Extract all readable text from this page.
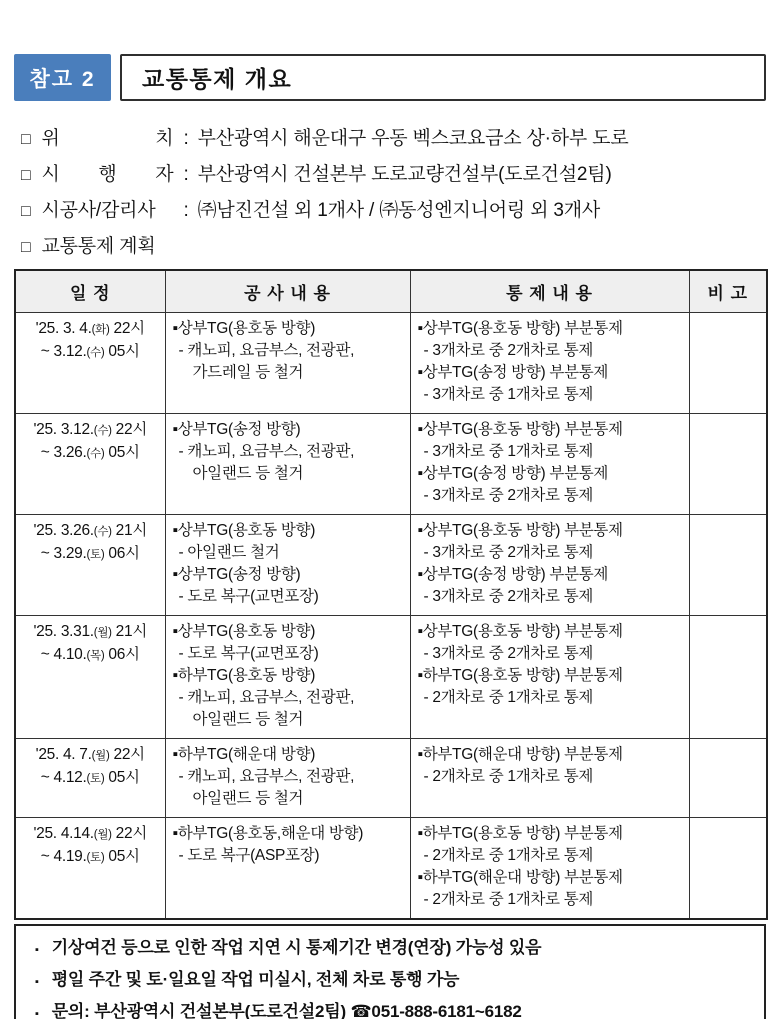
참고 2	교통통제 개요
□ 위 치 : 부산광역시 해운대구 우동 벡스코요금소 상·하부 도로
□ 시 행 자 : 부산광역시 건설본부 도로교량건설부(도로건설2팀)
□ 시공사/감리사	: ㈜남진건설 외 1개사 / ㈜동성엔지니어링 외 3개사
□ 교통통제 계획
일 정	공 사 내 용	통 제 내 용	비 고

'25. 3. 4.(화) 22시
~ 3.12.(수) 05시

▪상부TG(용호동 방향)
- 캐노피, 요금부스, 전광판,
가드레일 등 철거

▪상부TG(용호동 방향) 부분통제
- 3개차로 중 2개차로 통제
▪상부TG(송정 방향) 부분통제
- 3개차로 중 1개차로 통제

'25. 3.12.(수) 22시
~ 3.26.(수) 05시

▪상부TG(송정 방향)
- 캐노피, 요금부스, 전광판,
아일랜드 등 철거

▪상부TG(용호동 방향) 부분통제
- 3개차로 중 1개차로 통제
▪상부TG(송정 방향) 부분통제
- 3개차로 중 2개차로 통제

'25. 3.26.(수) 21시
~ 3.29.(토) 06시

▪상부TG(용호동 방향)
- 아일랜드 철거
▪상부TG(송정 방향)
- 도로 복구(교면포장)

▪상부TG(용호동 방향) 부분통제
- 3개차로 중 2개차로 통제
▪상부TG(송정 방향) 부분통제
- 3개차로 중 2개차로 통제

'25. 3.31.(월) 21시
~ 4.10.(목) 06시

▪상부TG(용호동 방향)
- 도로 복구(교면포장)
▪하부TG(용호동 방향)
- 캐노피, 요금부스, 전광판,
아일랜드 등 철거

▪상부TG(용호동 방향) 부분통제
- 3개차로 중 2개차로 통제
▪하부TG(용호동 방향) 부분통제
- 2개차로 중 1개차로 통제

'25. 4. 7.(월) 22시
~ 4.12.(토) 05시

▪하부TG(해운대 방향)
- 캐노피, 요금부스, 전광판,
아일랜드 등 철거

▪하부TG(해운대 방향) 부분통제
- 2개차로 중 1개차로 통제

'25. 4.14.(월) 22시
~ 4.19.(토) 05시

▪하부TG(용호동,해운대 방향)
- 도로 복구(ASP포장)

▪하부TG(용호동 방향) 부분통제
- 2개차로 중 1개차로 통제
▪하부TG(해운대 방향) 부분통제
- 2개차로 중 1개차로 통제

▪ 기상여건 등으로 인한 작업 지연 시 통제기간 변경(연장) 가능성 있음
▪ 평일 주간 및 토·일요일 작업 미실시, 전체 차로 통행 가능
▪ 문의: 부산광역시 건설본부(도로건설2팀) ☎051-888-6181~6182
